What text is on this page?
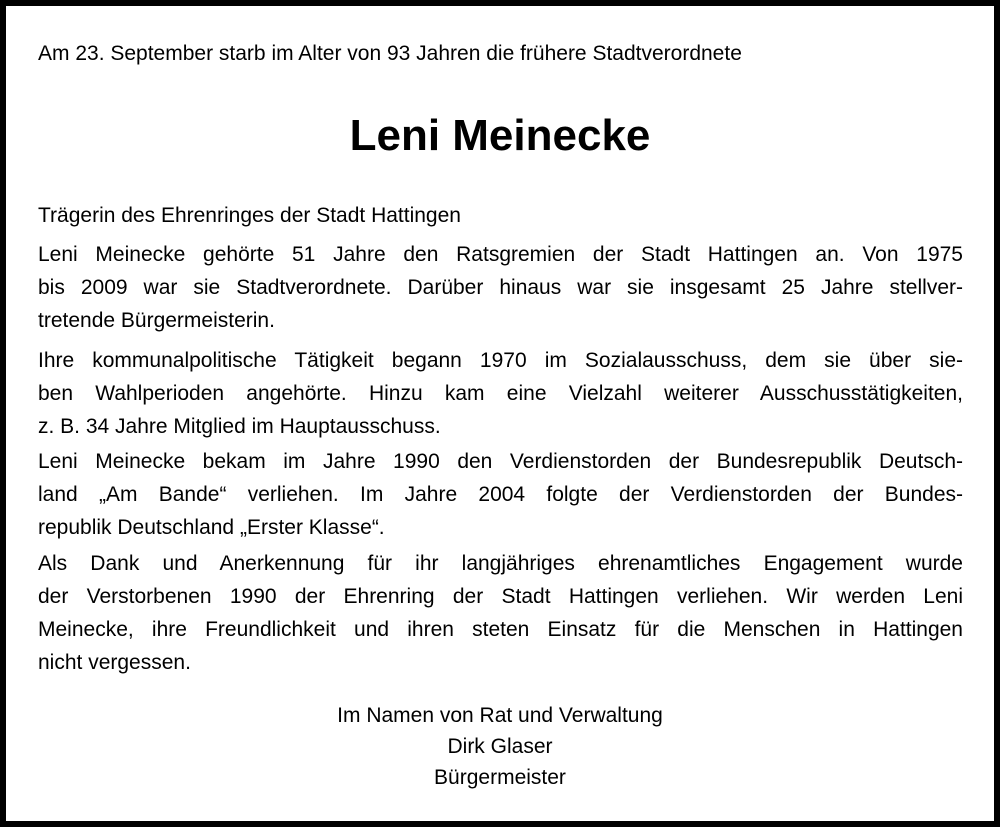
Am 23. September starb im Alter von 93 Jahren die frühere Stadtverordnete
Leni Meinecke
Trägerin des Ehrenringes der Stadt Hattingen
Leni Meinecke gehörte 51 Jahre den Ratsgremien der Stadt Hattingen an. Von 1975
bis 2009 war sie Stadtverordnete. Darüber hinaus war sie insgesamt 25 Jahre stellver-
tretende Bürgermeisterin.
Ihre kommunalpolitische Tätigkeit begann 1970 im Sozialausschuss, dem sie über sie-
ben Wahlperioden angehörte. Hinzu kam eine Vielzahl weiterer Ausschusstätigkeiten,
z. B. 34 Jahre Mitglied im Hauptausschuss.
Leni Meinecke bekam im Jahre 1990 den Verdienstorden der Bundesrepublik Deutsch-
land „Am Bande“ verliehen. Im Jahre 2004 folgte der Verdienstorden der Bundes-
republik Deutschland „Erster Klasse“.
Als Dank und Anerkennung für ihr langjähriges ehrenamtliches Engagement wurde
der Verstorbenen 1990 der Ehrenring der Stadt Hattingen verliehen. Wir werden Leni
Meinecke, ihre Freundlichkeit und ihren steten Einsatz für die Menschen in Hattingen
nicht vergessen.
Im Namen von Rat und Verwaltung
Dirk Glaser
Bürgermeister
